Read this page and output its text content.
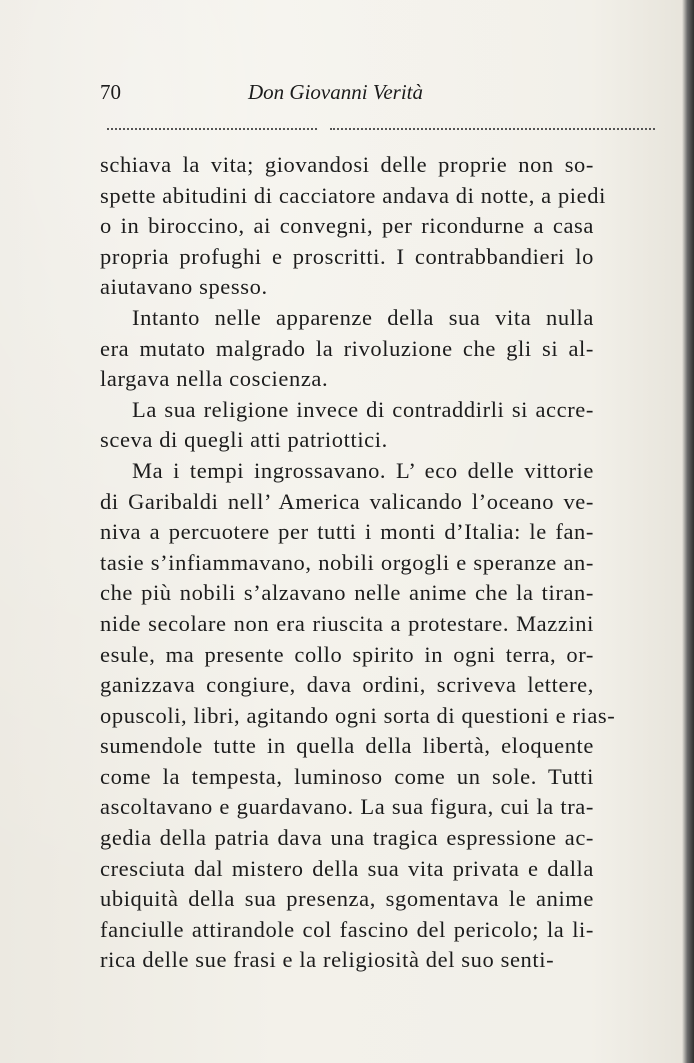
70	Don Giovanni Verità
schiava la vita; giovandosi delle proprie non so-
spette abitudini di cacciatore andava di notte, a piedi
o in biroccino, ai convegni, per ricondurne a casa
propria profughi e proscritti. I contrabbandieri lo
aiutavano spesso.
Intanto nelle apparenze della sua vita nulla
era mutato malgrado la rivoluzione che gli si al-
largava nella coscienza.
La sua religione invece di contraddirli si accre-
sceva di quegli atti patriottici.
Ma i tempi ingrossavano. L’ eco delle vittorie
di Garibaldi nell’ America valicando l’oceano ve-
niva a percuotere per tutti i monti d’Italia: le fan-
tasie s’infiammavano, nobili orgogli e speranze an-
che più nobili s’alzavano nelle anime che la tiran-
nide secolare non era riuscita a protestare. Mazzini
esule, ma presente collo spirito in ogni terra, or-
ganizzava congiure, dava ordini, scriveva lettere,
opuscoli, libri, agitando ogni sorta di questioni e rias-
sumendole tutte in quella della libertà, eloquente
come la tempesta, luminoso come un sole. Tutti
ascoltavano e guardavano. La sua figura, cui la tra-
gedia della patria dava una tragica espressione ac-
cresciuta dal mistero della sua vita privata e dalla
ubiquità della sua presenza, sgomentava le anime
fanciulle attirandole col fascino del pericolo; la li-
rica delle sue frasi e la religiosità del suo senti-
